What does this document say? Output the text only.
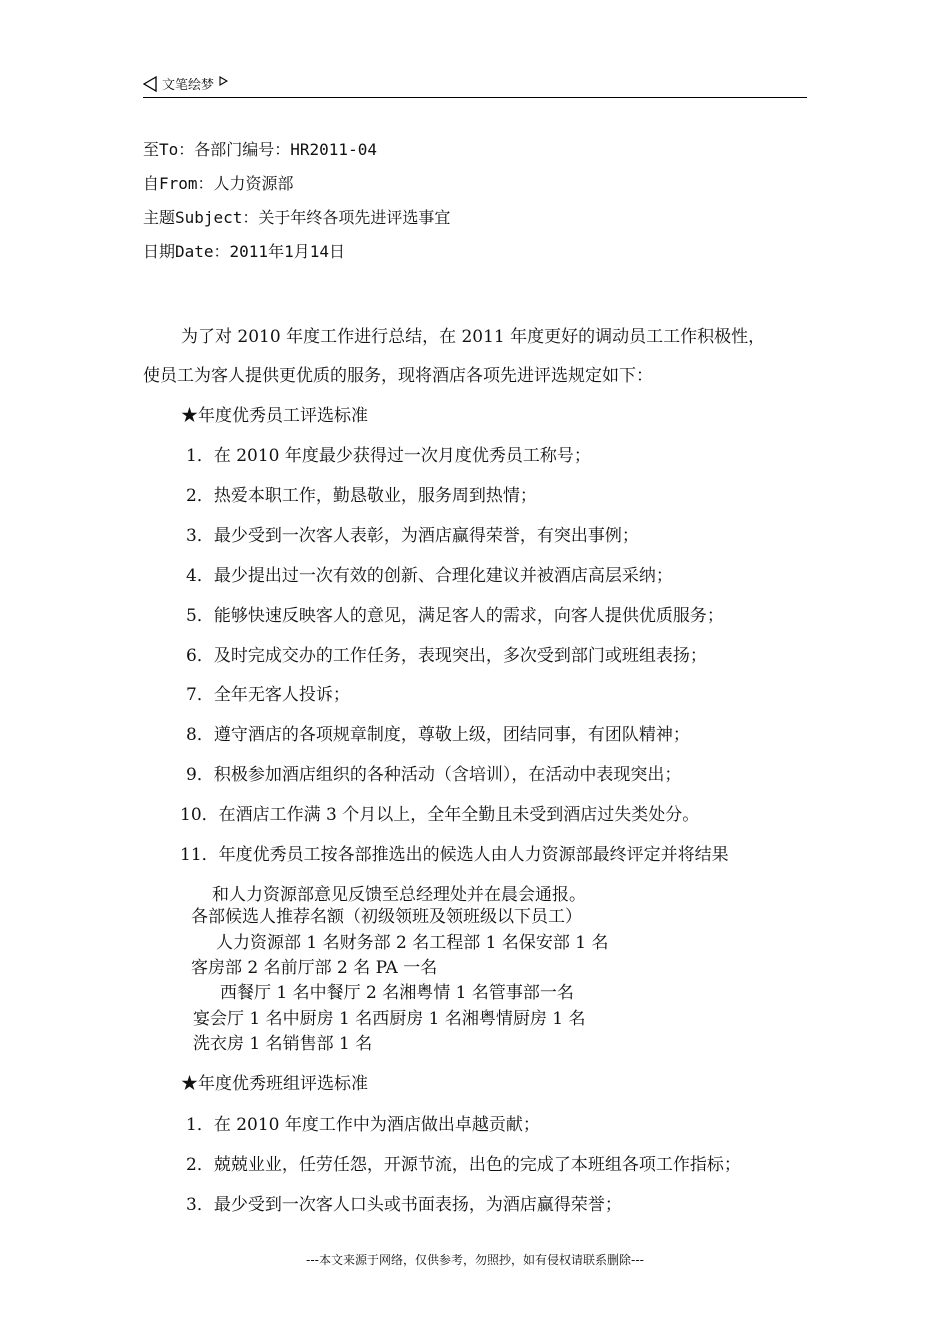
文笔绘梦
至To：各部门编号：HR2011-04
自From：人力资源部
主题Subject：关于年终各项先进评选事宜
日期Date：2011年1月14日
为了对 2010 年度工作进行总结，在 2011 年度更好的调动员工工作积极性，
使员工为客人提供更优质的服务，现将酒店各项先进评选规定如下：
★年度优秀员工评选标准
1．在 2010 年度最少获得过一次月度优秀员工称号；
2．热爱本职工作，勤恳敬业，服务周到热情；
3．最少受到一次客人表彰，为酒店赢得荣誉，有突出事例；
4．最少提出过一次有效的创新、合理化建议并被酒店高层采纳；
5．能够快速反映客人的意见，满足客人的需求，向客人提供优质服务；
6．及时完成交办的工作任务，表现突出，多次受到部门或班组表扬；
7．全年无客人投诉；
8．遵守酒店的各项规章制度，尊敬上级，团结同事，有团队精神；
9．积极参加酒店组织的各种活动（含培训），在活动中表现突出；
10．在酒店工作满 3 个月以上，全年全勤且未受到酒店过失类处分。
11．年度优秀员工按各部推选出的候选人由人力资源部最终评定并将结果
和人力资源部意见反馈至总经理处并在晨会通报。
各部候选人推荐名额（初级领班及领班级以下员工）
人力资源部 1 名财务部 2 名工程部 1 名保安部 1 名
客房部 2 名前厅部 2 名 PA 一名
西餐厅 1 名中餐厅 2 名湘粤情 1 名管事部一名
宴会厅 1 名中厨房 1 名西厨房 1 名湘粤情厨房 1 名
洗衣房 1 名销售部 1 名
★年度优秀班组评选标准
1．在 2010 年度工作中为酒店做出卓越贡献；
2．兢兢业业，任劳任怨，开源节流，出色的完成了本班组各项工作指标；
3．最少受到一次客人口头或书面表扬，为酒店赢得荣誉；
---本文来源于网络，仅供参考，勿照抄，如有侵权请联系删除---
